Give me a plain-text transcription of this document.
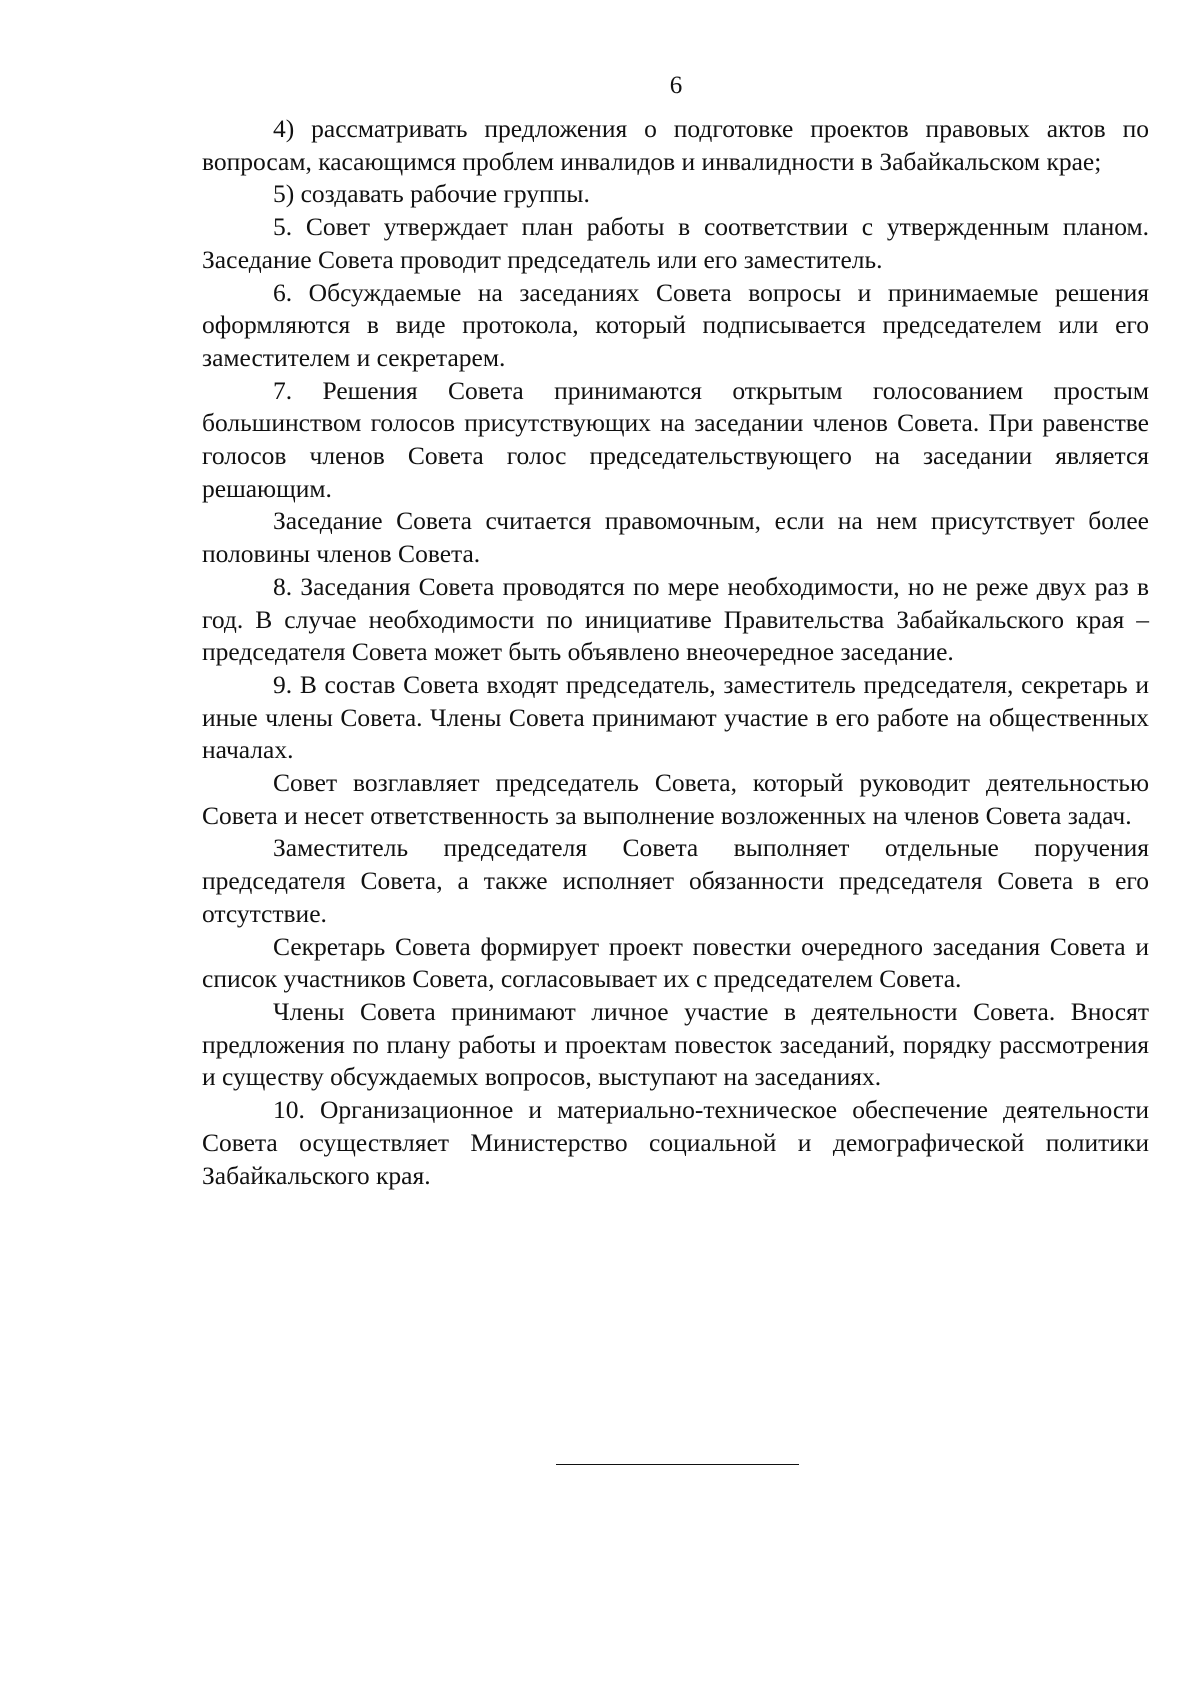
6

4) рассматривать предложения о подготовке проектов правовых актов по вопросам, касающимся проблем инвалидов и инвалидности в Забайкальском крае;

5) создавать рабочие группы.

5. Совет утверждает план работы в соответствии с утвержденным планом. Заседание Совета проводит председатель или его заместитель.

6. Обсуждаемые на заседаниях Совета вопросы и принимаемые решения оформляются в виде протокола, который подписывается председателем или его заместителем и секретарем.

7. Решения Совета принимаются открытым голосованием простым большинством голосов присутствующих на заседании членов Совета. При равенстве голосов членов Совета голос председательствующего на заседании является решающим.

Заседание Совета считается правомочным, если на нем присутствует более половины членов Совета.

8. Заседания Совета проводятся по мере необходимости, но не реже двух раз в год. В случае необходимости по инициативе Правительства Забайкальского края – председателя Совета может быть объявлено внеочередное заседание.

9. В состав Совета входят председатель, заместитель председателя, секретарь и иные члены Совета. Члены Совета принимают участие в его работе на общественных началах.

Совет возглавляет председатель Совета, который руководит деятельностью Совета и несет ответственность за выполнение возложенных на членов Совета задач.

Заместитель председателя Совета выполняет отдельные поручения председателя Совета, а также исполняет обязанности председателя Совета в его отсутствие.

Секретарь Совета формирует проект повестки очередного заседания Совета и список участников Совета, согласовывает их с председателем Совета.

Члены Совета принимают личное участие в деятельности Совета. Вносят предложения по плану работы и проектам повесток заседаний, порядку рассмотрения и существу обсуждаемых вопросов, выступают на заседаниях.

10. Организационное и материально-техническое обеспечение деятельности Совета осуществляет Министерство социальной и демографической политики Забайкальского края.
